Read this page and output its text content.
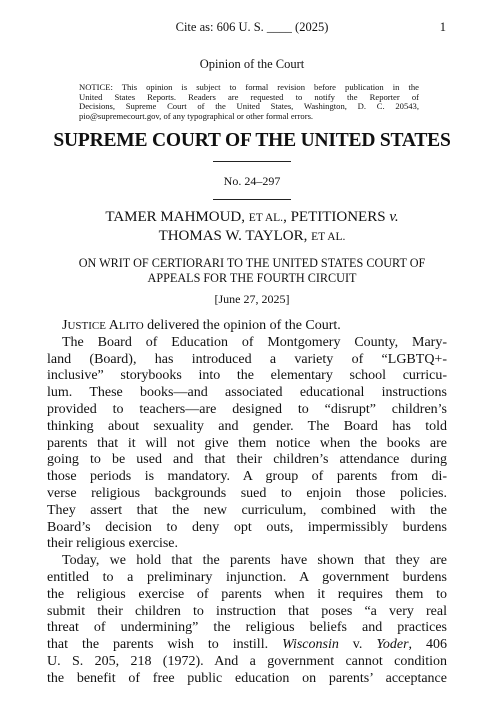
Cite as: 606 U. S. ____ (2025)	1
Opinion of the Court
NOTICE: This opinion is subject to formal revision before publication in the
United States Reports. Readers are requested to notify the Reporter of
Decisions, Supreme Court of the United States, Washington, D. C. 20543,
pio@supremecourt.gov, of any typographical or other formal errors.
SUPREME COURT OF THE UNITED STATES
No. 24–297
TAMER MAHMOUD, ET AL., PETITIONERS v.
THOMAS W. TAYLOR, ET AL.
ON WRIT OF CERTIORARI TO THE UNITED STATES COURT OF
APPEALS FOR THE FOURTH CIRCUIT
[June 27, 2025]
JUSTICE ALITO delivered the opinion of the Court.
The Board of Education of Montgomery County, Mary-
land (Board), has introduced a variety of “LGBTQ+-
inclusive” storybooks into the elementary school curricu-
lum. These books—and associated educational instructions
provided to teachers—are designed to “disrupt” children’s
thinking about sexuality and gender. The Board has told
parents that it will not give them notice when the books are
going to be used and that their children’s attendance during
those periods is mandatory. A group of parents from di-
verse religious backgrounds sued to enjoin those policies.
They assert that the new curriculum, combined with the
Board’s decision to deny opt outs, impermissibly burdens
their religious exercise.
Today, we hold that the parents have shown that they are
entitled to a preliminary injunction. A government burdens
the religious exercise of parents when it requires them to
submit their children to instruction that poses “a very real
threat of undermining” the religious beliefs and practices
that the parents wish to instill. Wisconsin v. Yoder, 406
U. S. 205, 218 (1972). And a government cannot condition
the benefit of free public education on parents’ acceptance
